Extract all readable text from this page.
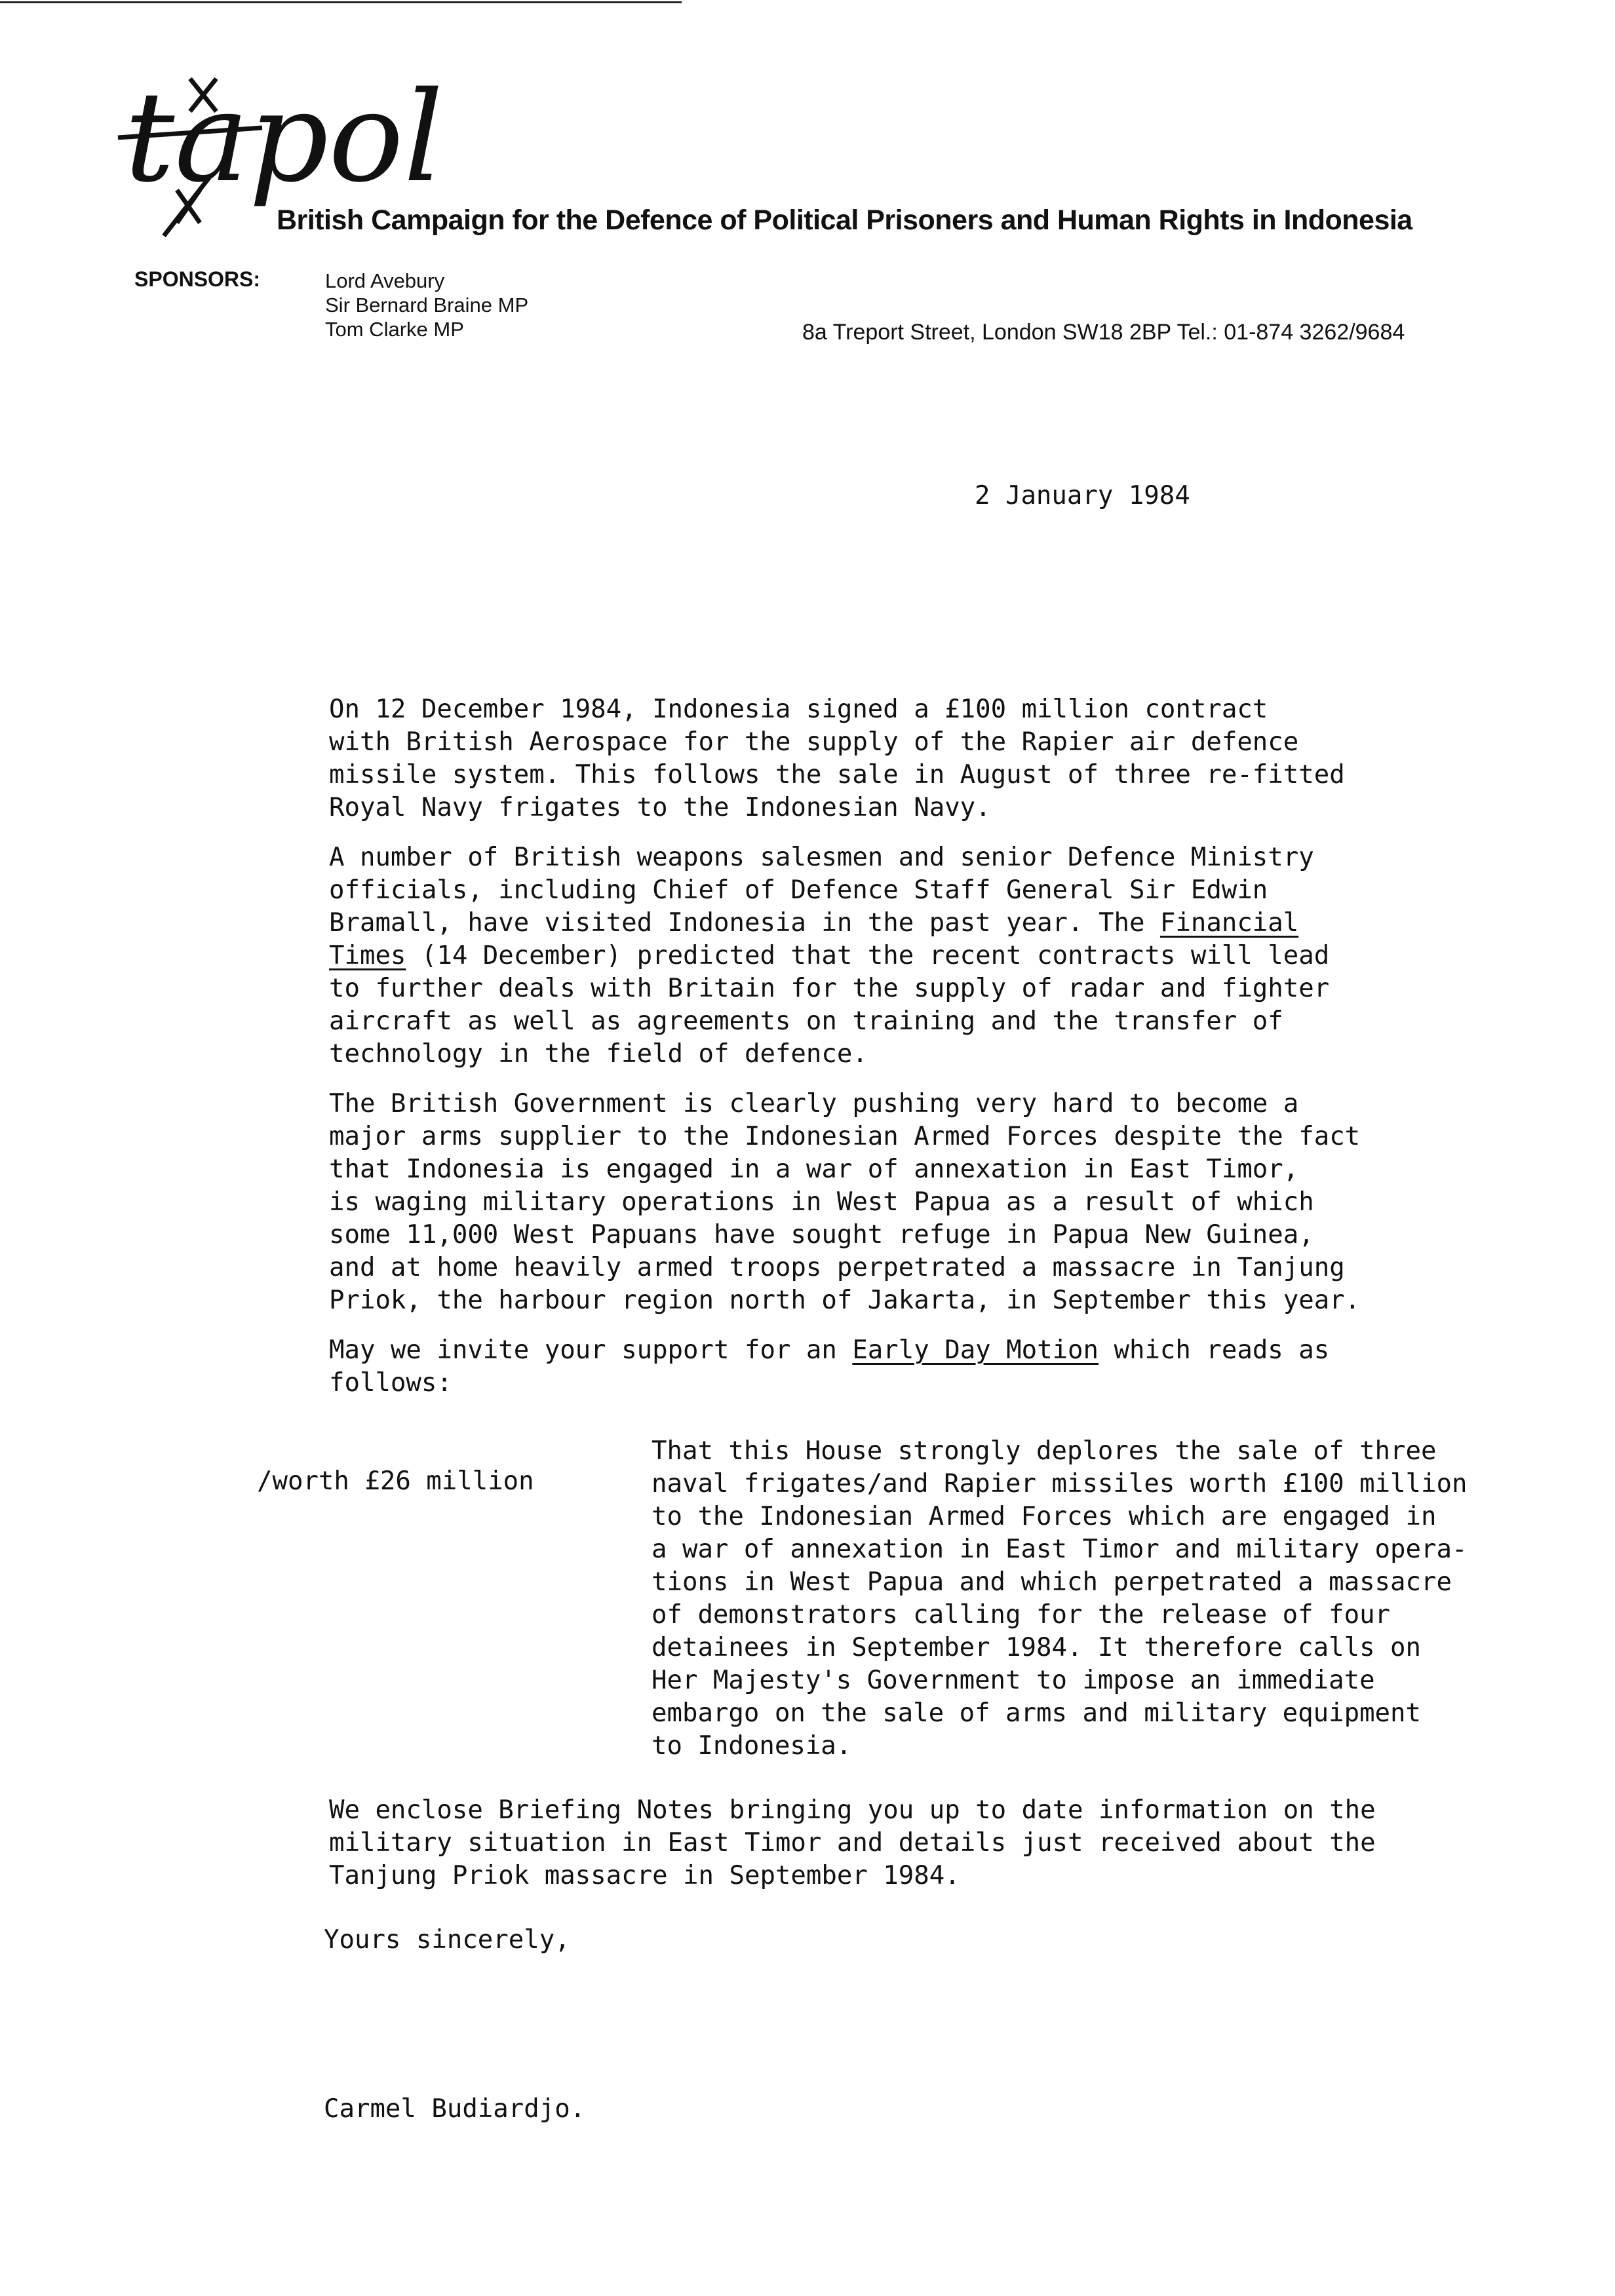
tapol
British Campaign for the Defence of Political Prisoners and Human Rights in Indonesia
SPONSORS:	Lord Avebury
Sir Bernard Braine MP
Tom Clarke MP	8a Treport Street, London SW18 2BP Tel.: 01-874 3262/9684
2 January 1984
On 12 December 1984, Indonesia signed a £100 million contract
with British Aerospace for the supply of the Rapier air defence
missile system. This follows the sale in August of three re-fitted
Royal Navy frigates to the Indonesian Navy.
A number of British weapons salesmen and senior Defence Ministry
officials, including Chief of Defence Staff General Sir Edwin
Bramall, have visited Indonesia in the past year. The Financial
Times (14 December) predicted that the recent contracts will lead
to further deals with Britain for the supply of radar and fighter
aircraft as well as agreements on training and the transfer of
technology in the field of defence.
The British Government is clearly pushing very hard to become a
major arms supplier to the Indonesian Armed Forces despite the fact
that Indonesia is engaged in a war of annexation in East Timor,
is waging military operations in West Papua as a result of which
some 11,000 West Papuans have sought refuge in Papua New Guinea,
and at home heavily armed troops perpetrated a massacre in Tanjung
Priok, the harbour region north of Jakarta, in September this year.
May we invite your support for an Early Day Motion which reads as
follows:
/worth £26 million
That this House strongly deplores the sale of three
naval frigates/and Rapier missiles worth £100 million
to the Indonesian Armed Forces which are engaged in
a war of annexation in East Timor and military opera-
tions in West Papua and which perpetrated a massacre
of demonstrators calling for the release of four
detainees in September 1984. It therefore calls on
Her Majesty's Government to impose an immediate
embargo on the sale of arms and military equipment
to Indonesia.
We enclose Briefing Notes bringing you up to date information on the
military situation in East Timor and details just received about the
Tanjung Priok massacre in September 1984.
Yours sincerely,
Carmel Budiardjo.
